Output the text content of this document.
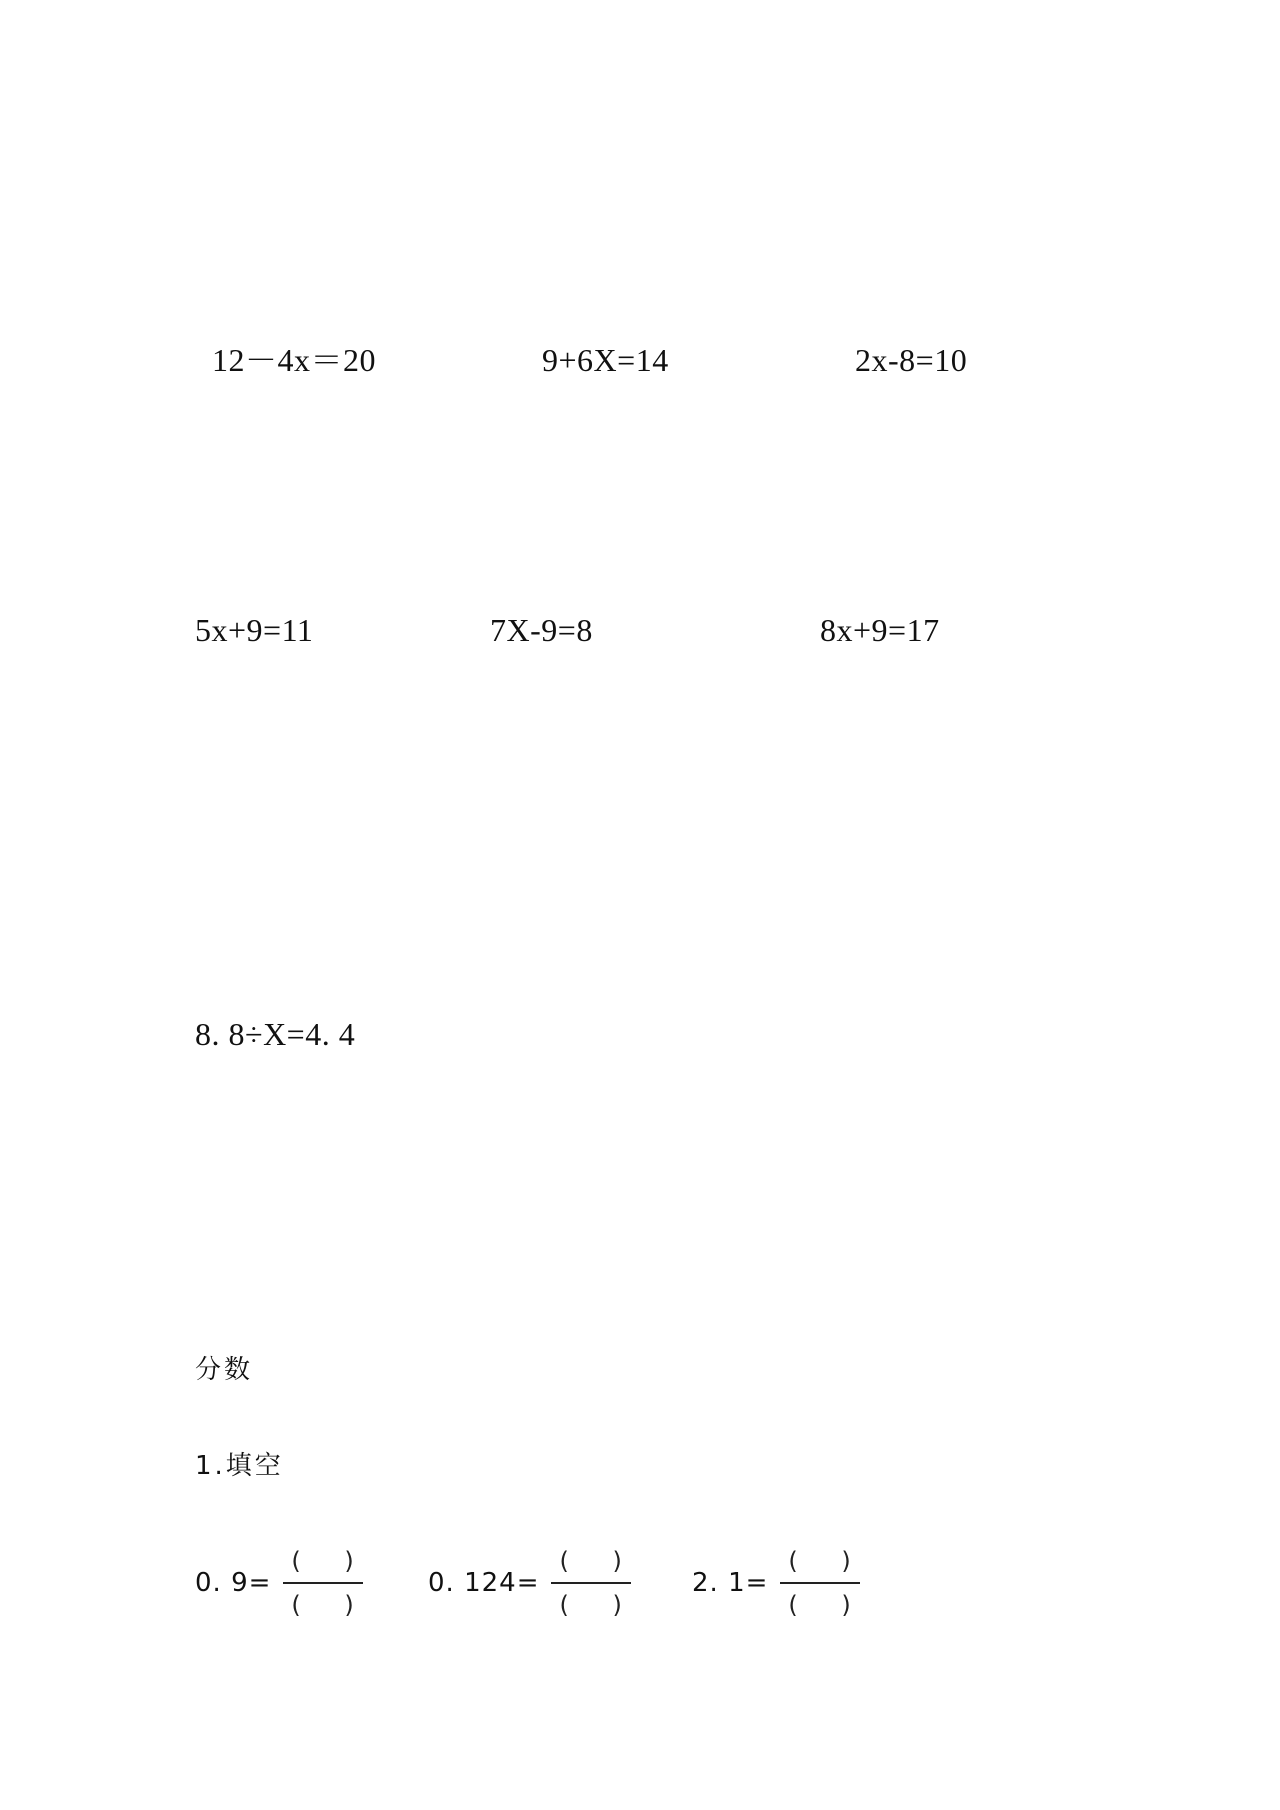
12－4x＝20	9+6X=14	2x-8=10
5x+9=11	7X-9=8	8x+9=17
8. 8÷X=4. 4
分数
1.填空
0. $9= \frac{( )}{( )} 0$. $124= \frac{( )}{( )} 2$. $1= \frac{( )}{( )}$
